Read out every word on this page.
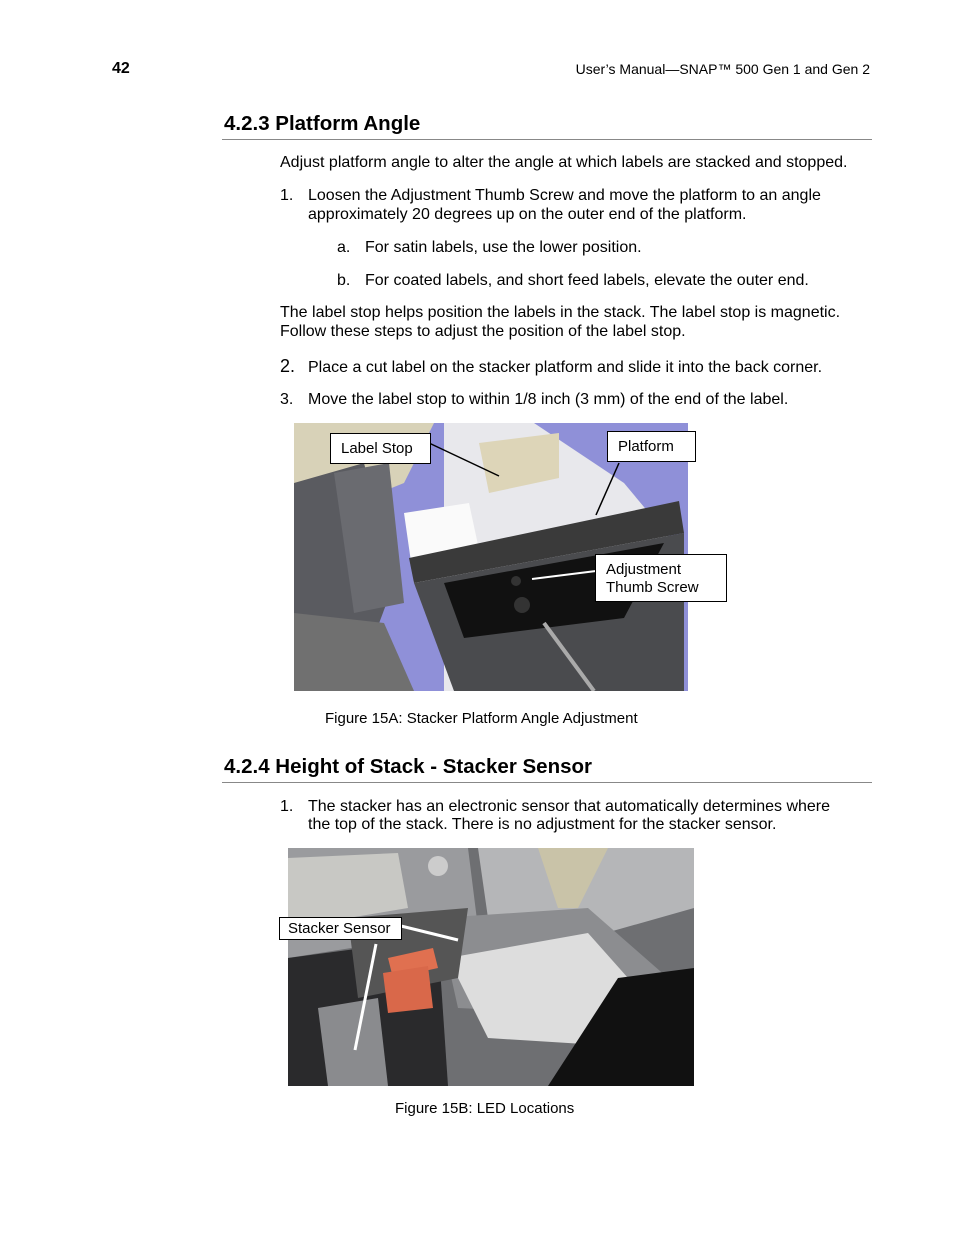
42	User’s Manual—SNAP™ 500 Gen 1 and Gen 2
4.2.3 Platform Angle
Adjust platform angle to alter the angle at which labels are stacked and stopped.
1. Loosen the Adjustment Thumb Screw and move the platform to an angle
approximately 20 degrees up on the outer end of the platform.
a. For satin labels, use the lower position.
b. For coated labels, and short feed labels, elevate the outer end.
The label stop helps position the labels in the stack. The label stop is magnetic.
Follow these steps to adjust the position of the label stop.
2. Place a cut label on the stacker platform and slide it into the back corner.
3. Move the label stop to within 1/8 inch (3 mm) of the end of the label.
Label Stop	Platform
Adjustment
Thumb Screw
Figure 15A: Stacker Platform Angle Adjustment
4.2.4 Height of Stack - Stacker Sensor
1. The stacker has an electronic sensor that automatically determines where
the top of the stack. There is no adjustment for the stacker sensor.
Stacker Sensor
Figure 15B: LED Locations
